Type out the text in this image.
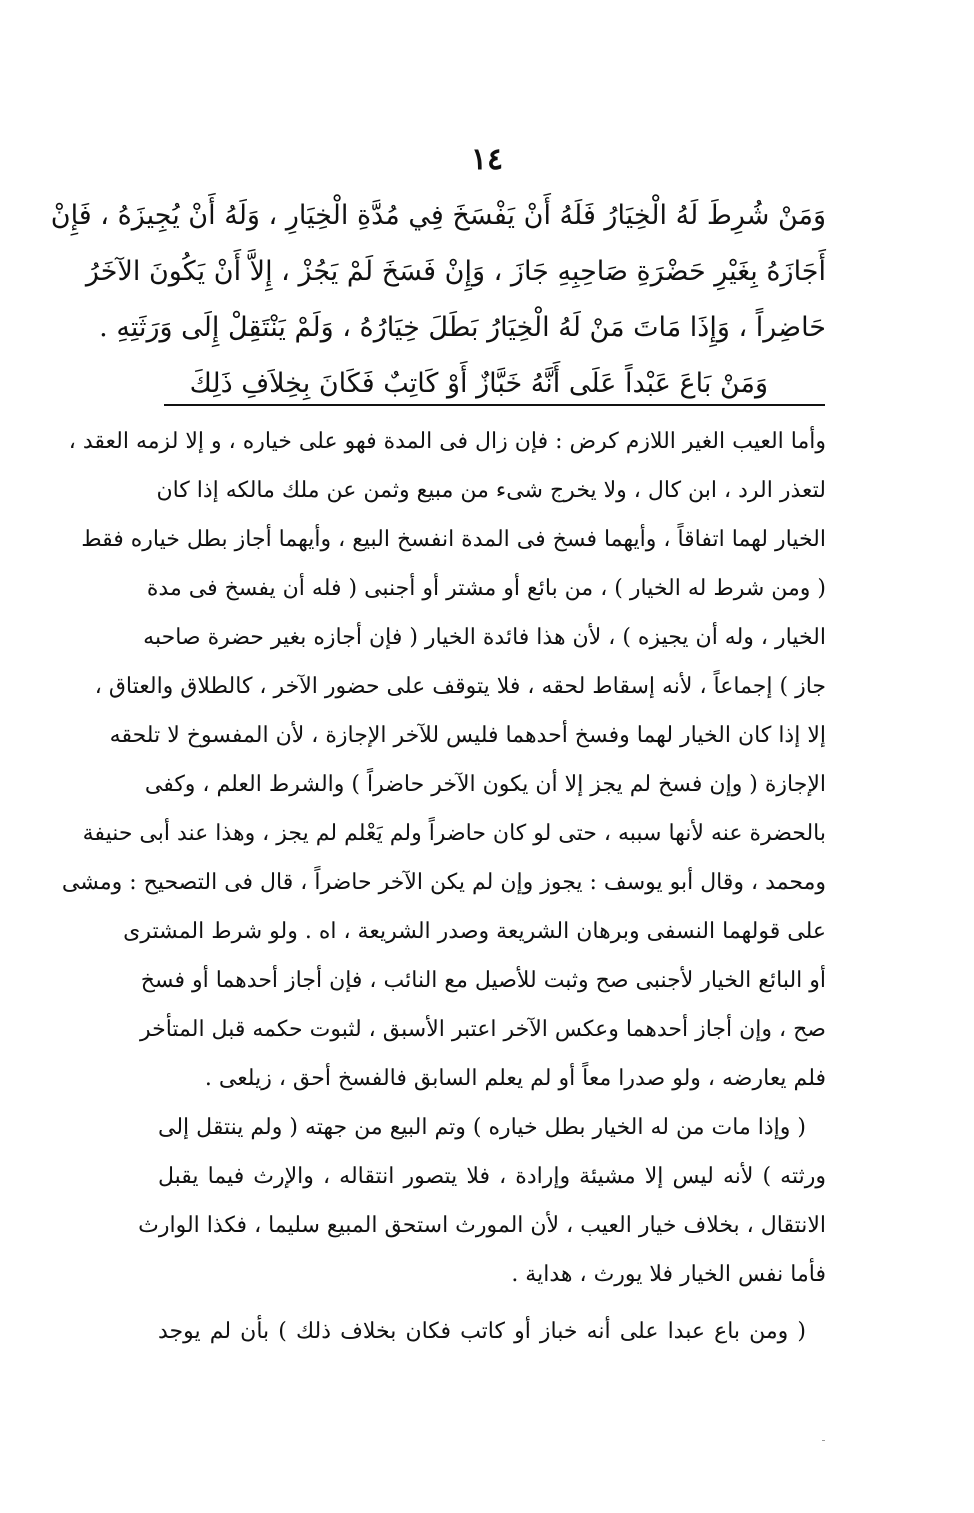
١٤
وَمَنْ شُرِطَ لَهُ الْخِيَارُ فَلَهُ أَنْ يَفْسَخَ فِي مُدَّةِ الْخِيَارِ ، وَلَهُ أَنْ يُجِيزَهُ ، فَإِنْ
أَجَازَهُ بِغَيْرِ حَضْرَةِ صَاحِبِهِ جَازَ ، وَإِنْ فَسَخَ لَمْ يَجُزْ ، إِلاَّ أَنْ يَكُونَ الآخَرُ
حَاضِراً ، وَإِذَا مَاتَ مَنْ لَهُ الْخِيَارُ بَطَلَ خِيَارُهُ ، وَلَمْ يَنْتَقِلْ إِلَى وَرَثَتِهِ .
وَمَنْ بَاعَ عَبْداً عَلَى أَنَّهُ خَبَّازٌ أَوْ كَاتِبٌ فَكَانَ بِخِلاَفِ ذَلِكَ
وأما العيب الغير اللازم كرض : فإن زال فى المدة فهو على خياره ، و إلا لزمه العقد ،
لتعذر الرد ، ابن كال ، ولا يخرج شىء من مبيع وثمن عن ملك مالكه إذا كان
الخيار لهما اتفاقاً ، وأيهما فسخ فى المدة انفسخ البيع ، وأيهما أجاز بطل خياره فقط
( ومن شرط له الخيار ) ، من بائع أو مشتر أو أجنبى ( فله أن يفسخ فى مدة
الخيار ، وله أن يجيزه ) ، لأن هذا فائدة الخيار ( فإن أجازه بغير حضرة صاحبه
جاز ) إجماعاً ، لأنه إسقاط لحقه ، فلا يتوقف على حضور الآخر ، كالطلاق والعتاق ،
إلا إذا كان الخيار لهما وفسخ أحدهما فليس للآخر الإجازة ، لأن المفسوخ لا تلحقه
الإجازة ( وإن فسخ لم يجز إلا أن يكون الآخر حاضراً ) والشرط العلم ، وكفى
بالحضرة عنه لأنها سببه ، حتى لو كان حاضراً ولم يَعْلم لم يجز ، وهذا عند أبى حنيفة
ومحمد ، وقال أبو يوسف : يجوز وإن لم يكن الآخر حاضراً ، قال فى التصحيح : ومشى
على قولهما النسفى وبرهان الشريعة وصدر الشريعة ، اه . ولو شرط المشترى
أو البائع الخيار لأجنبى صح وثبت للأصيل مع النائب ، فإن أجاز أحدهما أو فسخ
صح ، وإن أجاز أحدهما وعكس الآخر اعتبر الأسبق ، لثبوت حكمه قبل المتأخر
فلم يعارضه ، ولو صدرا معاً أو لم يعلم السابق فالفسخ أحق ، زيلعى .
( وإذا مات من له الخيار بطل خياره ) وتم البيع من جهته ( ولم ينتقل إلى
ورثته ) لأنه ليس إلا مشيئة وإرادة ، فلا يتصور انتقاله ، والإرث فيما يقبل
الانتقال ، بخلاف خيار العيب ، لأن المورث استحق المبيع سليما ، فكذا الوارث
فأما نفس الخيار فلا يورث ، هداية .
( ومن باع عبدا على أنه خباز أو كاتب فكان بخلاف ذلك ) بأن لم يوجد
